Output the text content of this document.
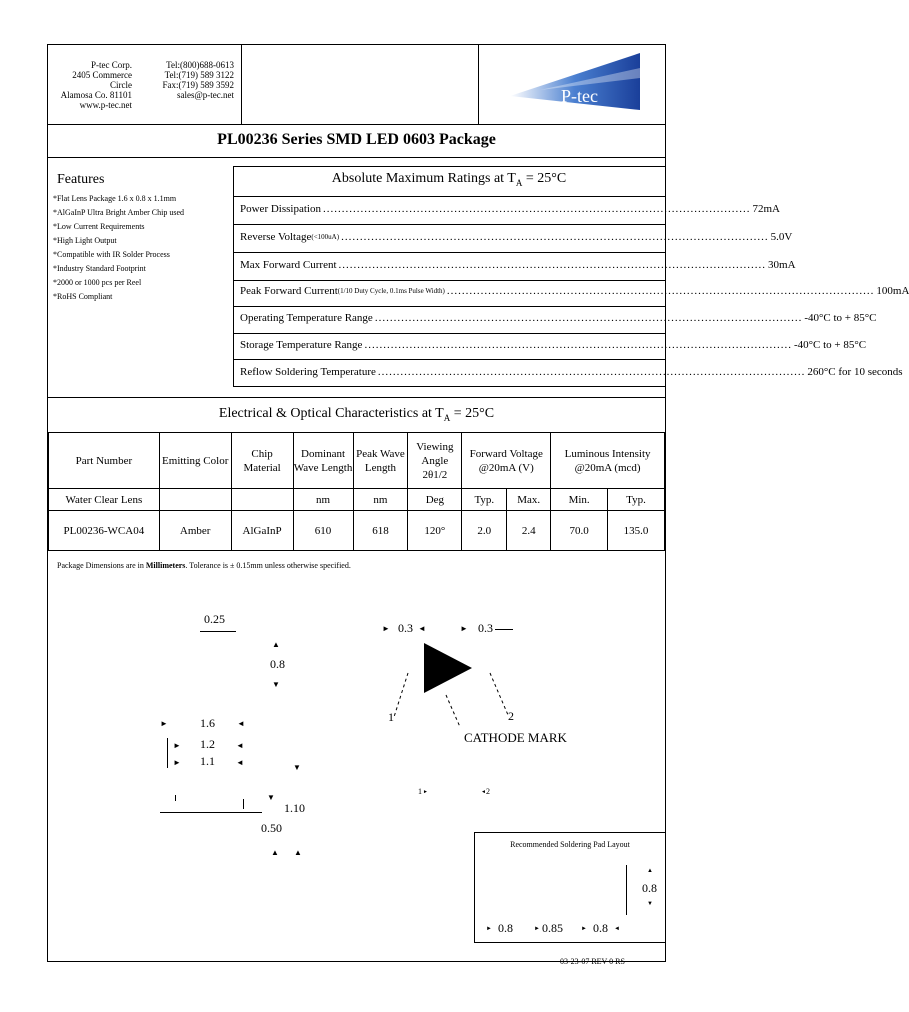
P-tec Corp.

2405 Commerce Circle

Alamosa Co. 81101

www.p-tec.net

Tel:(800)688-0613

Tel:(719) 589 3122

Fax:(719) 589 3592

sales@p-tec.net	P-tec
PL00236 Series SMD LED 0603 Package
Features
*Flat Lens Package 1.6 x 0.8 x 1.1mm
*AlGaInP Ultra Bright Amber Chip used
*Low Current Requirements
*High Light Output
*Compatible with IR Solder Process
*Industry Standard Footprint
*2000 or 1000 pcs per Reel
*RoHS Compliant
Absolute Maximum Ratings at $T_A = 25^\circ C$
Power Dissipation .................................................................................................................. 72mA
Reverse Voltage (<100uA) .................................................................................................................. 5.0V
Max Forward Current .................................................................................................................. 30mA
Peak Forward Current (1/10 Duty Cycle, 0.1ms Pulse Width) .................................................................................................................. 100mA
Operating Temperature Range .................................................................................................................. -40°C to + 85°C
Storage Temperature Range .................................................................................................................. -40°C to + 85°C
Reflow Soldering Temperature .................................................................................................................. 260°C for 10 seconds
Electrical & Optical Characteristics at $T_A = 25^\circ C$
Part Number	Emitting Color	Chip Material	Dominant Wave Length	Peak Wave Length	Viewing Angle 2θ1/2	Forward Voltage @20mA (V)		Luminous Intensity @20mA (mcd)	
Water Clear Lens			nm	nm	Deg	Typ.	Max.	Min.	Typ.
PL00236-WCA04	Amber	AlGaInP	610	618	120°	2.0	2.4	70.0	135.0
Package Dimensions are in Millimeters. Tolerance is ± 0.15mm unless otherwise specified.
0.25
▲
0.8
▼
►	1.6	◄
► 1.2	◄
► 1.1	◄
▼
▼
1.10
0.50
▲ ▲
► 0.3 ◄	► 0.3
1	2
CATHODE MARK
1 ►	◄ 2
Recommended Soldering Pad Layout
▲
0.8
▼
► 0.8	► 0.85	► 0.8 ◄
03-23-07 REV 0 RS
